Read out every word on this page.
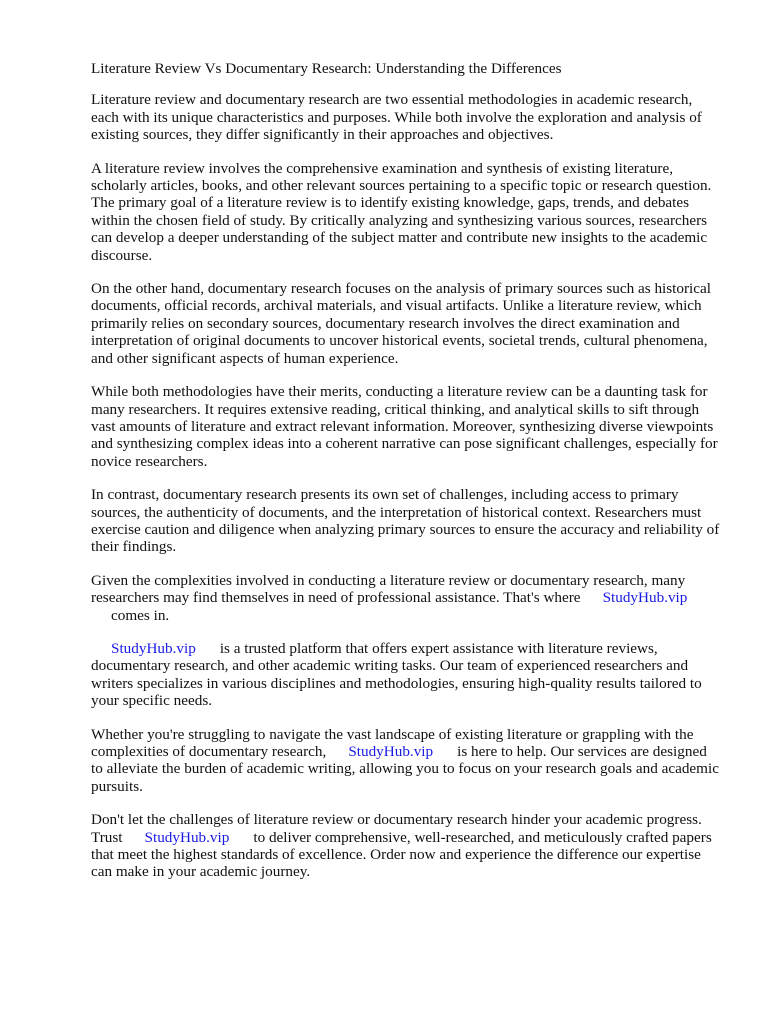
Literature Review Vs Documentary Research: Understanding the Differences

Literature review and documentary research are two essential methodologies in academic research, each with its unique characteristics and purposes. While both involve the exploration and analysis of existing sources, they differ significantly in their approaches and objectives.

A literature review involves the comprehensive examination and synthesis of existing literature, scholarly articles, books, and other relevant sources pertaining to a specific topic or research question. The primary goal of a literature review is to identify existing knowledge, gaps, trends, and debates within the chosen field of study. By critically analyzing and synthesizing various sources, researchers can develop a deeper understanding of the subject matter and contribute new insights to the academic discourse.

On the other hand, documentary research focuses on the analysis of primary sources such as historical documents, official records, archival materials, and visual artifacts. Unlike a literature review, which primarily relies on secondary sources, documentary research involves the direct examination and interpretation of original documents to uncover historical events, societal trends, cultural phenomena, and other significant aspects of human experience.

While both methodologies have their merits, conducting a literature review can be a daunting task for many researchers. It requires extensive reading, critical thinking, and analytical skills to sift through vast amounts of literature and extract relevant information. Moreover, synthesizing diverse viewpoints and synthesizing complex ideas into a coherent narrative can pose significant challenges, especially for novice researchers.

In contrast, documentary research presents its own set of challenges, including access to primary sources, the authenticity of documents, and the interpretation of historical context. Researchers must exercise caution and diligence when analyzing primary sources to ensure the accuracy and reliability of their findings.

Given the complexities involved in conducting a literature review or documentary research, many researchers may find themselves in need of professional assistance. That's where StudyHub.vip
comes in.

StudyHub.vip is a trusted platform that offers expert assistance with literature reviews, documentary research, and other academic writing tasks. Our team of experienced researchers and writers specializes in various disciplines and methodologies, ensuring high-quality results tailored to your specific needs.

Whether you're struggling to navigate the vast landscape of existing literature or grappling with the complexities of documentary research, StudyHub.vip is here to help. Our services are designed to alleviate the burden of academic writing, allowing you to focus on your research goals and academic pursuits.

Don't let the challenges of literature review or documentary research hinder your academic progress. Trust StudyHub.vip to deliver comprehensive, well-researched, and meticulously crafted papers that meet the highest standards of excellence. Order now and experience the difference our expertise can make in your academic journey.
